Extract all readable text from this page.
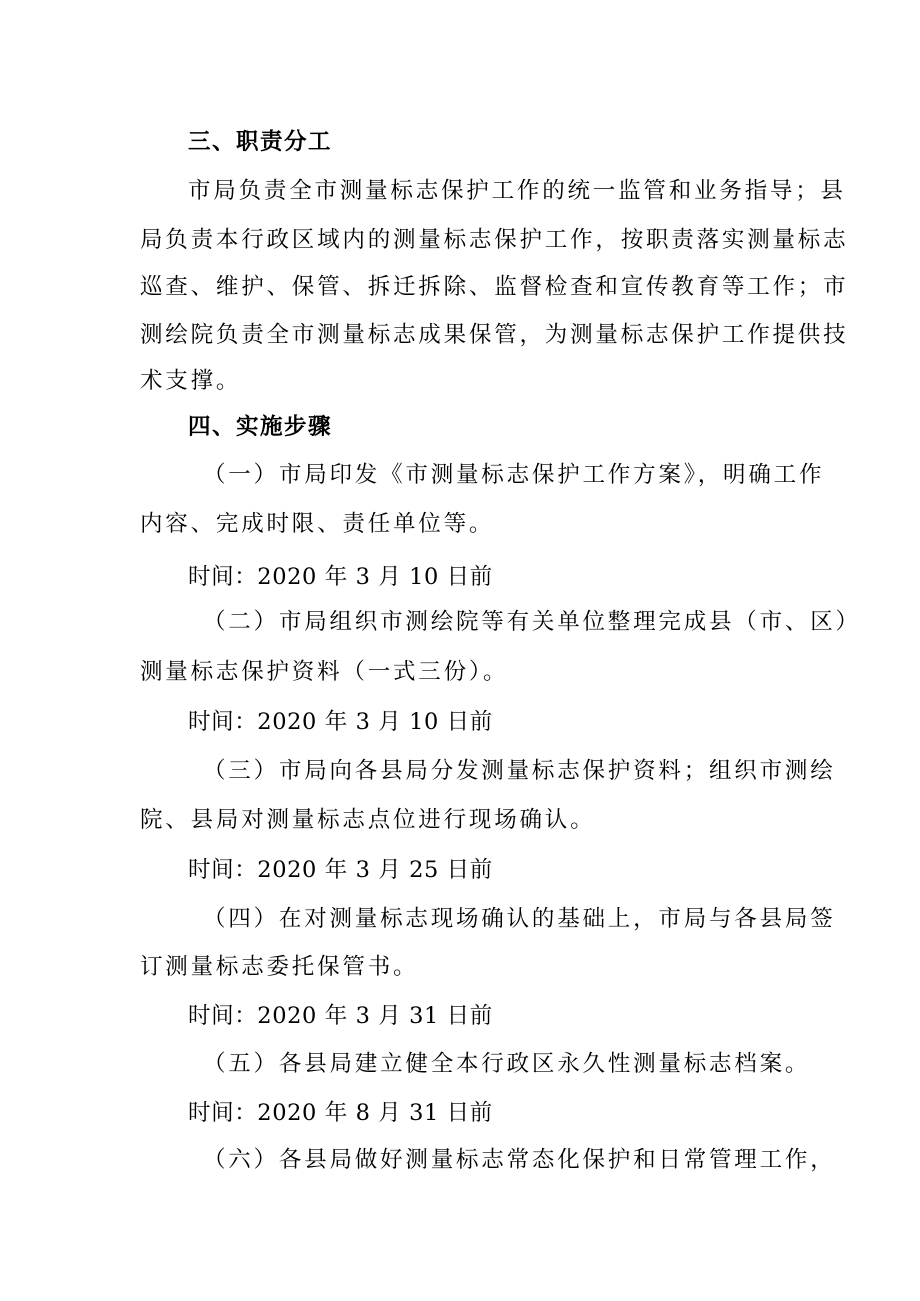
三、职责分工

市局负责全市测量标志保护工作的统一监管和业务指导；县

局负责本行政区域内的测量标志保护工作，按职责落实测量标志

巡查、维护、保管、拆迁拆除、监督检查和宣传教育等工作；市

测绘院负责全市测量标志成果保管，为测量标志保护工作提供技

术支撑。

四、实施步骤

（一）市局印发《市测量标志保护工作方案》，明确工作

内容、完成时限、责任单位等。

时间：2020 年 3 月 10 日前

（二）市局组织市测绘院等有关单位整理完成县（市、区）

测量标志保护资料（一式三份）。

时间：2020 年 3 月 10 日前

（三）市局向各县局分发测量标志保护资料；组织市测绘

院、县局对测量标志点位进行现场确认。

时间：2020 年 3 月 25 日前

（四）在对测量标志现场确认的基础上，市局与各县局签

订测量标志委托保管书。

时间：2020 年 3 月 31 日前

（五）各县局建立健全本行政区永久性测量标志档案。

时间：2020 年 8 月 31 日前

（六）各县局做好测量标志常态化保护和日常管理工作，
